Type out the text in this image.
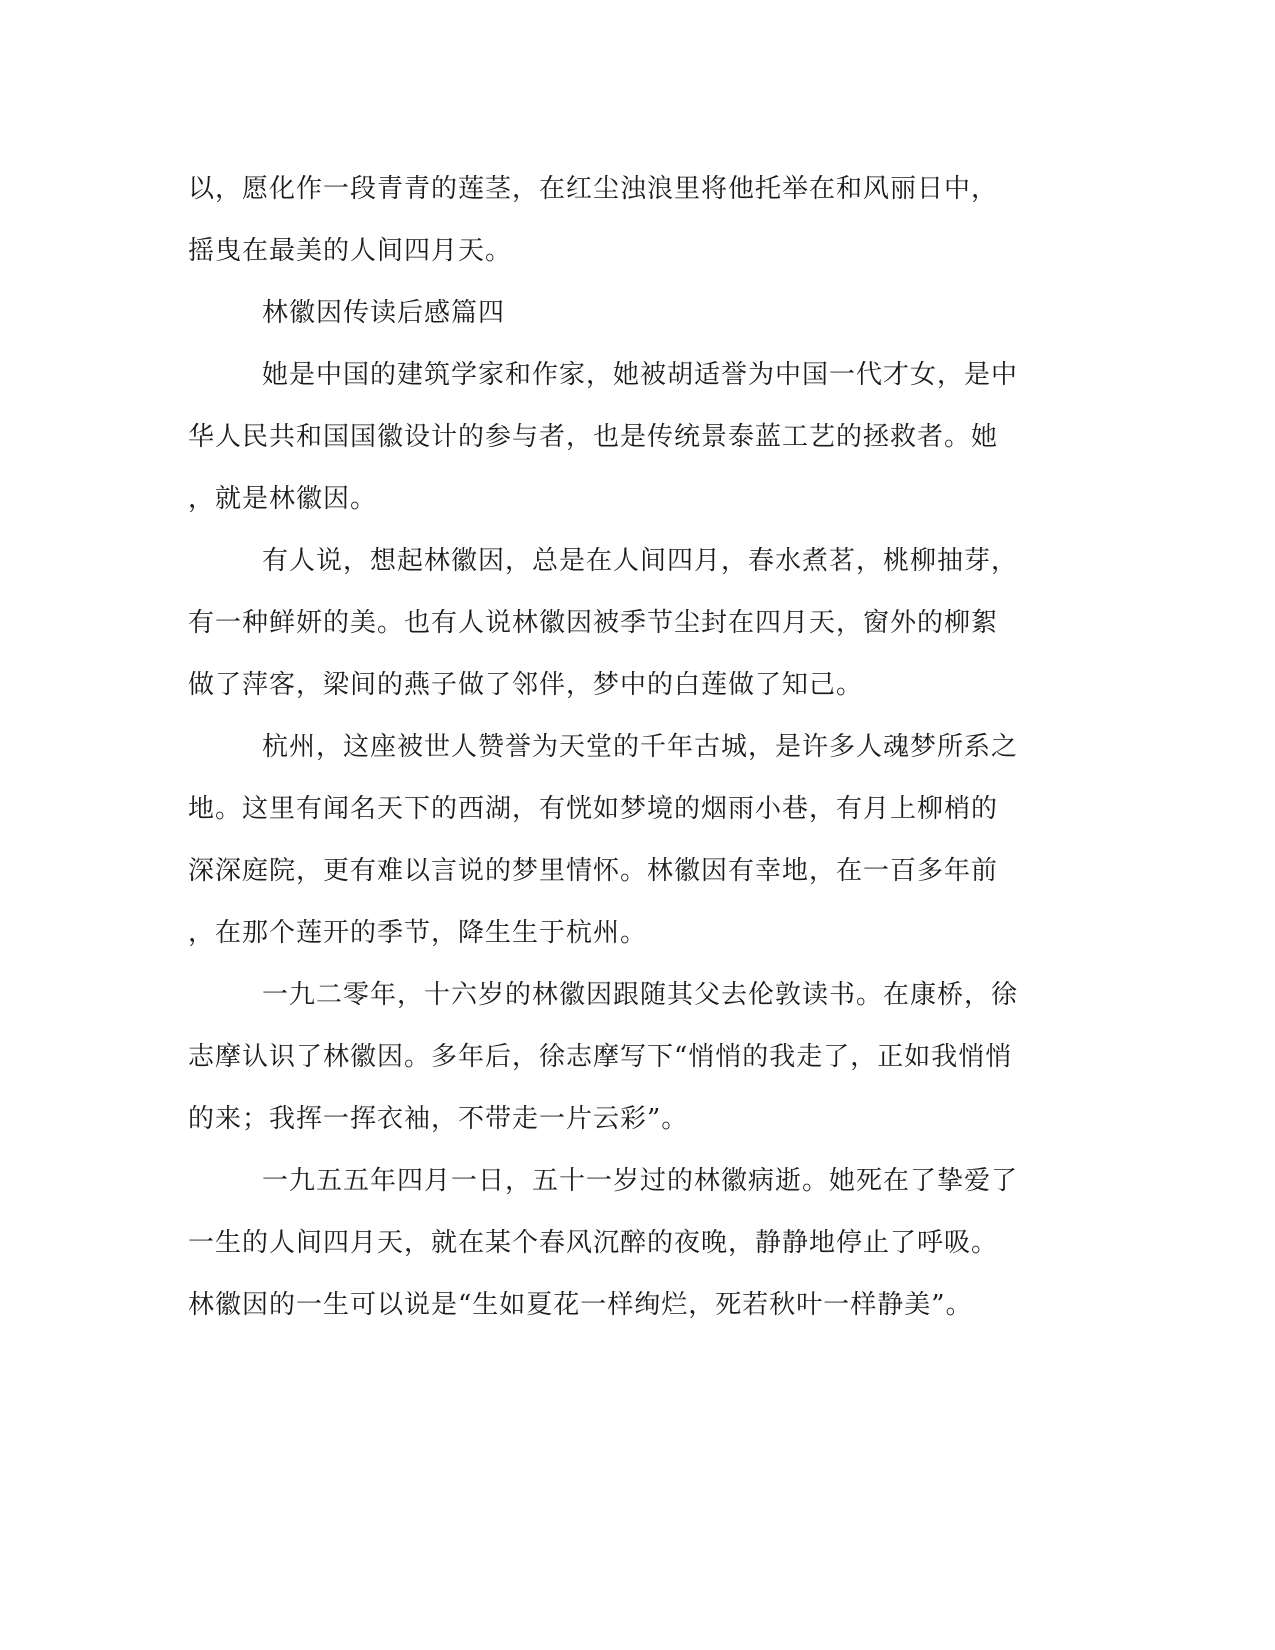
以，愿化作一段青青的莲茎，在红尘浊浪里将他托举在和风丽日中，
摇曳在最美的人间四月天。
林徽因传读后感篇四
她是中国的建筑学家和作家，她被胡适誉为中国一代才女，是中
华人民共和国国徽设计的参与者，也是传统景泰蓝工艺的拯救者。她
，就是林徽因。
有人说，想起林徽因，总是在人间四月，春水煮茗，桃柳抽芽，
有一种鲜妍的美。也有人说林徽因被季节尘封在四月天，窗外的柳絮
做了萍客，梁间的燕子做了邻伴，梦中的白莲做了知己。
杭州，这座被世人赞誉为天堂的千年古城，是许多人魂梦所系之
地。这里有闻名天下的西湖，有恍如梦境的烟雨小巷，有月上柳梢的
深深庭院，更有难以言说的梦里情怀。林徽因有幸地，在一百多年前
，在那个莲开的季节，降生生于杭州。
一九二零年，十六岁的林徽因跟随其父去伦敦读书。在康桥，徐
志摩认识了林徽因。多年后，徐志摩写下“悄悄的我走了，正如我悄悄
的来；我挥一挥衣袖，不带走一片云彩”。
一九五五年四月一日，五十一岁过的林徽病逝。她死在了挚爱了
一生的人间四月天，就在某个春风沉醉的夜晚，静静地停止了呼吸。
林徽因的一生可以说是“生如夏花一样绚烂，死若秋叶一样静美”。
